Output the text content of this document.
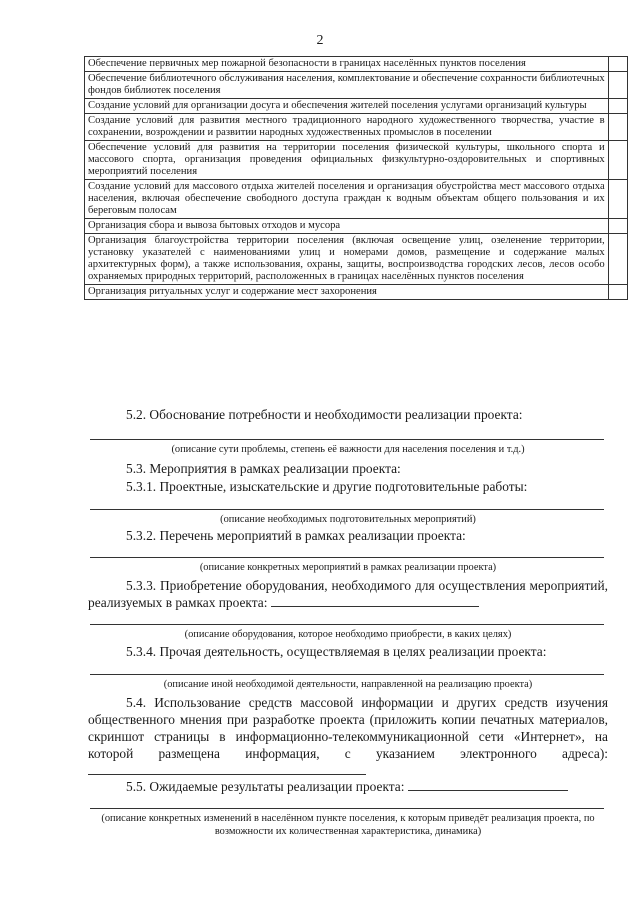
2
Обеспечение первичных мер пожарной безопасности в границах населённых пунктов поселения	
Обеспечение библиотечного обслуживания населения, комплектование и обеспечение сохранности библиотечных фондов библиотек поселения	
Создание условий для организации досуга и обеспечения жителей поселения услугами организаций культуры	
Создание условий для развития местного традиционного народного художественного творчества, участие в сохранении, возрождении и развитии народных художественных промыслов в поселении	
Обеспечение условий для развития на территории поселения физической культуры, школьного спорта и массового спорта, организация проведения официальных физкультурно-оздоровительных и спортивных мероприятий поселения	
Создание условий для массового отдыха жителей поселения и организация обустройства мест массового отдыха населения, включая обеспечение свободного доступа граждан к водным объектам общего пользования и их береговым полосам	
Организация сбора и вывоза бытовых отходов и мусора	
Организация благоустройства территории поселения (включая освещение улиц, озеленение территории, установку указателей с наименованиями улиц и номерами домов, размещение и содержание малых архитектурных форм), а также использования, охраны, защиты, воспроизводства городских лесов, лесов особо охраняемых природных территорий, расположенных в границах населённых пунктов поселения	
Организация ритуальных услуг и содержание мест захоронения	
5.2. Обоснование потребности и необходимости реализации проекта:
(описание сути проблемы, степень её важности для населения поселения и т.д.)
5.3. Мероприятия в рамках реализации проекта:
5.3.1. Проектные, изыскательские и другие подготовительные работы:
(описание необходимых подготовительных мероприятий)
5.3.2. Перечень мероприятий в рамках реализации проекта:
(описание конкретных мероприятий в рамках реализации проекта)
5.3.3. Приобретение оборудования, необходимого для осуществления мероприятий, реализуемых в рамках проекта:
(описание оборудования, которое необходимо приобрести, в каких целях)
5.3.4. Прочая деятельность, осуществляемая в целях реализации проекта:
(описание иной необходимой деятельности, направленной на реализацию проекта)
5.4. Использование средств массовой информации и других средств изучения общественного мнения при разработке проекта (приложить копии печатных материалов, скриншот страницы в информационно-телекоммуникационной сети «Интернет», на которой размещена информация, с указанием электронного адреса):
5.5. Ожидаемые результаты реализации проекта:
(описание конкретных изменений в населённом пункте поселения, к которым приведёт реализация проекта, по возможности их количественная характеристика, динамика)
